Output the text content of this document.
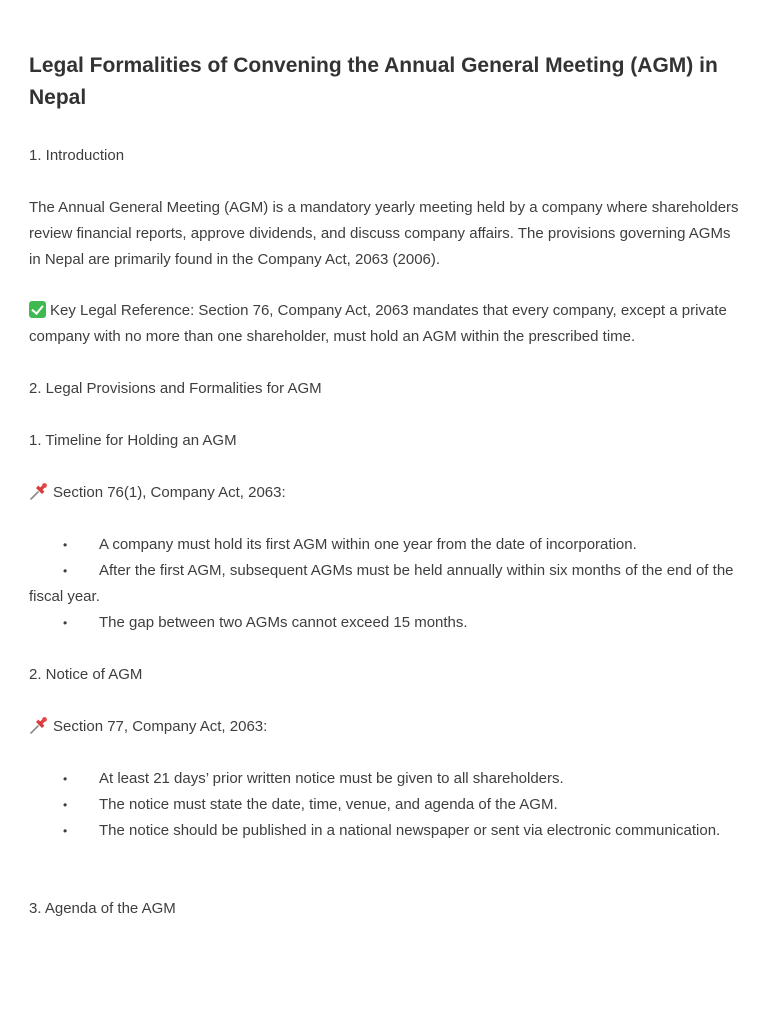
Legal Formalities of Convening the Annual General Meeting (AGM) in Nepal

1. Introduction

The Annual General Meeting (AGM) is a mandatory yearly meeting held by a company where shareholders review financial reports, approve dividends, and discuss company affairs. The provisions governing AGMs in Nepal are primarily found in the Company Act, 2063 (2006).

Key Legal Reference: Section 76, Company Act, 2063 mandates that every company, except a private company with no more than one shareholder, must hold an AGM within the prescribed time.

2. Legal Provisions and Formalities for AGM

1. Timeline for Holding an AGM

Section 76(1), Company Act, 2063:

• A company must hold its first AGM within one year from the date of incorporation.
• After the first AGM, subsequent AGMs must be held annually within six months of the end of the fiscal year.
• The gap between two AGMs cannot exceed 15 months.

2. Notice of AGM

Section 77, Company Act, 2063:

• At least 21 days’ prior written notice must be given to all shareholders.
• The notice must state the date, time, venue, and agenda of the AGM.
• The notice should be published in a national newspaper or sent via electronic communication.

3. Agenda of the AGM
